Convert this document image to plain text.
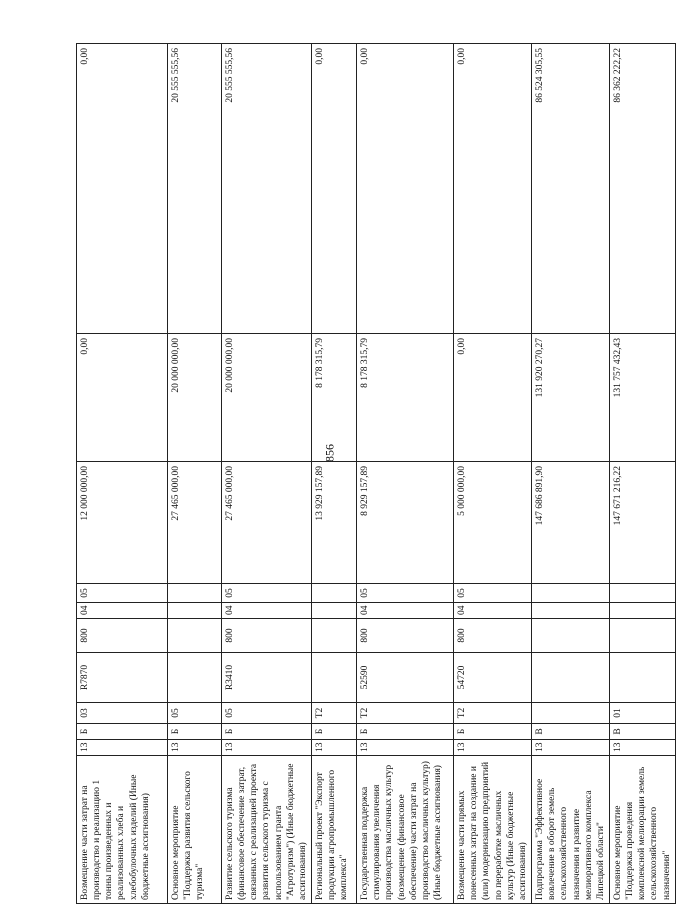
856
Возмещение части затрат на производство и реализацию 1 тонны произведенных и реализованных хлеба и хлебобулочных изделий (Иные бюджетные ассигнования)	13	Б	03	R7870	800	04	05	12 000 000,00	0,00	0,00
Основное мероприятие "Поддержка развития сельского туризма"	13	Б	05					27 465 000,00	20 000 000,00	20 555 555,56
Развитие сельского туризма (финансовое обеспечение затрат, связанных с реализацией проекта развития сельского туризма с использованием гранта "Агротуризм") (Иные бюджетные ассигнования)	13	Б	05	R3410	800	04	05	27 465 000,00	20 000 000,00	20 555 555,56
Региональный проект "Экспорт продукции агропромышленного комплекса"	13	Б	Т2					13 929 157,89	8 178 315,79	0,00
Государственная поддержка стимулирования увеличения производства масличных культур (возмещение (финансовое обеспечение) части затрат на производство масличных культур) (Иные бюджетные ассигнования)	13	Б	Т2	52590	800	04	05	8 929 157,89	8 178 315,79	0,00
Возмещение части прямых понесенных затрат на создание и (или) модернизацию предприятий по переработке масличных культур (Иные бюджетные ассигнования)	13	Б	Т2	54720	800	04	05	5 000 000,00	0,00	0,00
Подпрограмма "Эффективное вовлечение в оборот земель сельскохозяйственного назначения и развитие мелиоративного комплекса Липецкой области"	13	В						147 686 891,90	131 920 270,27	86 524 305,55
Основное мероприятие "Поддержка проведения комплексной мелиорации земель сельскохозяйственного назначения"	13	В	01					147 671 216,22	131 757 432,43	86 362 222,22
